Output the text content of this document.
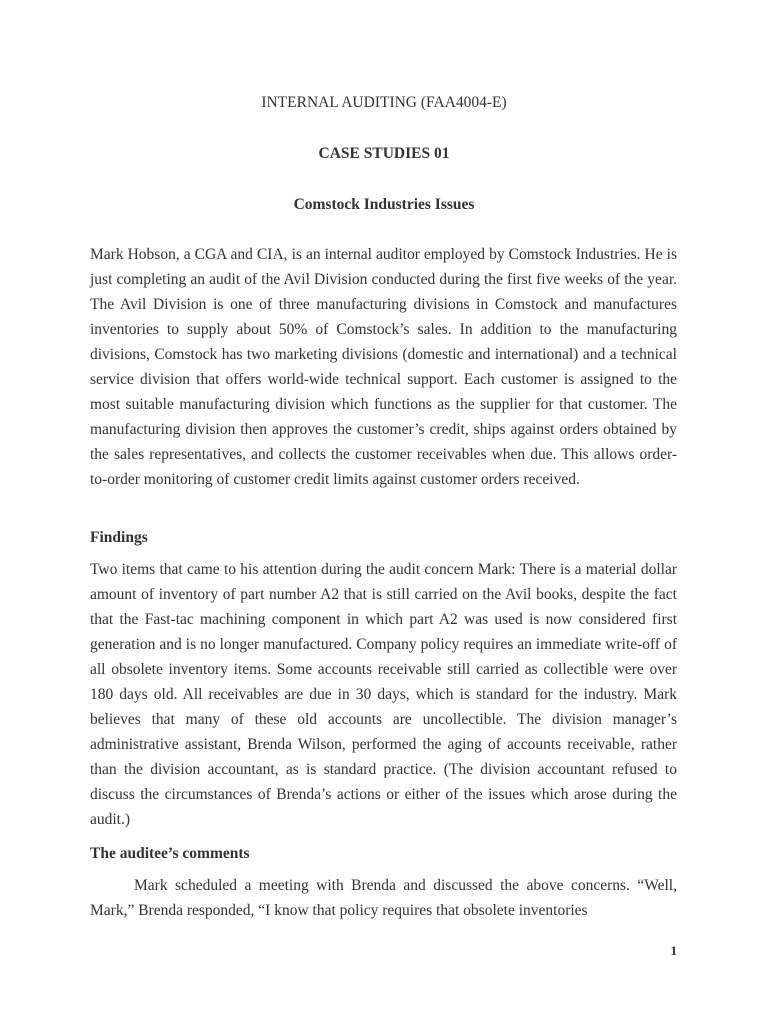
INTERNAL AUDITING (FAA4004-E)
CASE STUDIES 01
Comstock Industries Issues

Mark Hobson, a CGA and CIA, is an internal auditor employed by Comstock Industries. He is just completing an audit of the Avil Division conducted during the first five weeks of the year. The Avil Division is one of three manufacturing divisions in Comstock and manufactures inventories to supply about 50% of Comstock’s sales. In addition to the manufacturing divisions, Comstock has two marketing divisions (domestic and international) and a technical service division that offers world-wide technical support. Each customer is assigned to the most suitable manufacturing division which functions as the supplier for that customer. The manufacturing division then approves the customer’s credit, ships against orders obtained by the sales representatives, and collects the customer receivables when due. This allows order-to-order monitoring of customer credit limits against customer orders received.

Findings

Two items that came to his attention during the audit concern Mark: There is a material dollar amount of inventory of part number A2 that is still carried on the Avil books, despite the fact that the Fast-tac machining component in which part A2 was used is now considered first generation and is no longer manufactured. Company policy requires an immediate write-off of all obsolete inventory items. Some accounts receivable still carried as collectible were over 180 days old. All receivables are due in 30 days, which is standard for the industry. Mark believes that many of these old accounts are uncollectible. The division manager’s administrative assistant, Brenda Wilson, performed the aging of accounts receivable, rather than the division accountant, as is standard practice. (The division accountant refused to discuss the circumstances of Brenda’s actions or either of the issues which arose during the audit.)

The auditee’s comments

Mark scheduled a meeting with Brenda and discussed the above concerns. “Well, Mark,” Brenda responded, “I know that policy requires that obsolete inventories

1
